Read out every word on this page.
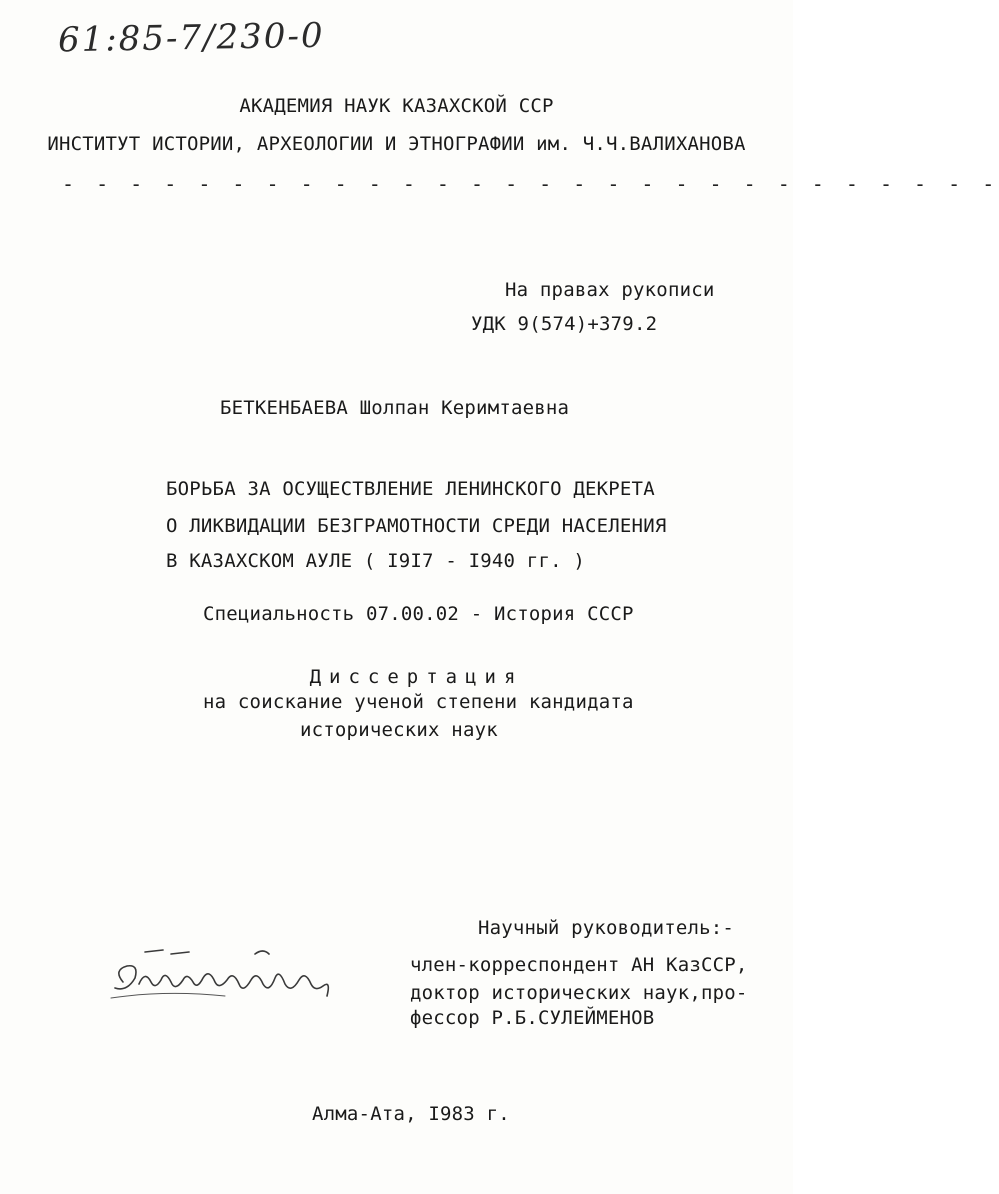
61:85-7/230-0
АКАДЕМИЯ НАУК КАЗАХСКОЙ ССР
ИНСТИТУТ ИСТОРИИ, АРХЕОЛОГИИ И ЭТНОГРАФИИ им. Ч.Ч.ВАЛИХАНОВА
- - - - - - - - - - - - - - - - - - - - - - - - - - - -
На правах рукописи
УДК 9(574)+379.2
БЕТКЕНБАЕВА Шолпан Керимтаевна
БОРЬБА ЗА ОСУЩЕСТВЛЕНИЕ ЛЕНИНСКОГО ДЕКРЕТА
О ЛИКВИДАЦИИ БЕЗГРАМОТНОСТИ СРЕДИ НАСЕЛЕНИЯ
В КАЗАХСКОМ АУЛЕ ( I9I7 - I940 гг. )
Специальность 07.00.02 - История СССР
Диссертация
на соискание ученой степени кандидата
исторических наук
Научный руководитель:-
член-корреспондент АН КазССР,
доктор исторических наук,про-
фессор Р.Б.СУЛЕЙМЕНОВ
Алма-Ата, I983 г.
